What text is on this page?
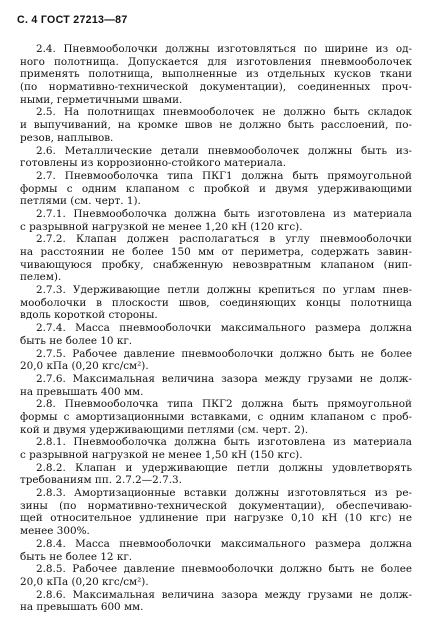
С. 4 ГОСТ 27213—87
2.4. Пневмооболочки должны изготовляться по ширине из од-
ного полотнища. Допускается для изготовления пневмооболочек
применять полотнища, выполненные из отдельных кусков ткани
(по нормативно-технической документации), соединенных проч-
ными, герметичными швами.
2.5. На полотнищах пневмооболочек не должно быть складок
и выпучиваний, на кромке швов не должно быть расслоений, по-
резов, наплывов.
2.6. Металлические детали пневмооболочек должны быть из-
готовлены из коррозионно-стойкого материала.
2.7. Пневмооболочка типа ПКГ1 должна быть прямоугольной
формы с одним клапаном с пробкой и двумя удерживающими
петлями (см. черт. 1).
2.7.1. Пневмооболочка должна быть изготовлена из материала
с разрывной нагрузкой не менее 1,20 кН (120 кгс).
2.7.2. Клапан должен располагаться в углу пневмооболочки
на расстоянии не более 150 мм от периметра, содержать завин-
чивающуюся пробку, снабженную невозвратным клапаном (нип-
пелем).
2.7.3. Удерживающие петли должны крепиться по углам пнев-
мооболочки в плоскости швов, соединяющих концы полотнища
вдоль короткой стороны.
2.7.4. Масса пневмооболочки максимального размера должна
быть не более 10 кг.
2.7.5. Рабочее давление пневмооболочки должно быть не более
20,0 кПа (0,20 кгс/см²).
2.7.6. Максимальная величина зазора между грузами не долж-
на превышать 400 мм.
2.8. Пневмооболочка типа ПКГ2 должна быть прямоугольной
формы с амортизационными вставками, с одним клапаном с проб-
кой и двумя удерживающими петлями (см. черт. 2).
2.8.1. Пневмооболочка должна быть изготовлена из материала
с разрывной нагрузкой не менее 1,50 кН (150 кгс).
2.8.2. Клапан и удерживающие петли должны удовлетворять
требованиям пп. 2.7.2—2.7.3.
2.8.3. Амортизационные вставки должны изготовляться из ре-
зины (по нормативно-технической документации), обеспечиваю-
щей относительное удлинение при нагрузке 0,10 кН (10 кгс) не
менее 300%.
2.8.4. Масса пневмооболочки максимального размера должна
быть не более 12 кг.
2.8.5. Рабочее давление пневмооболочки должно быть не более
20,0 кПа (0,20 кгс/см²).
2.8.6. Максимальная величина зазора между грузами не долж-
на превышать 600 мм.
